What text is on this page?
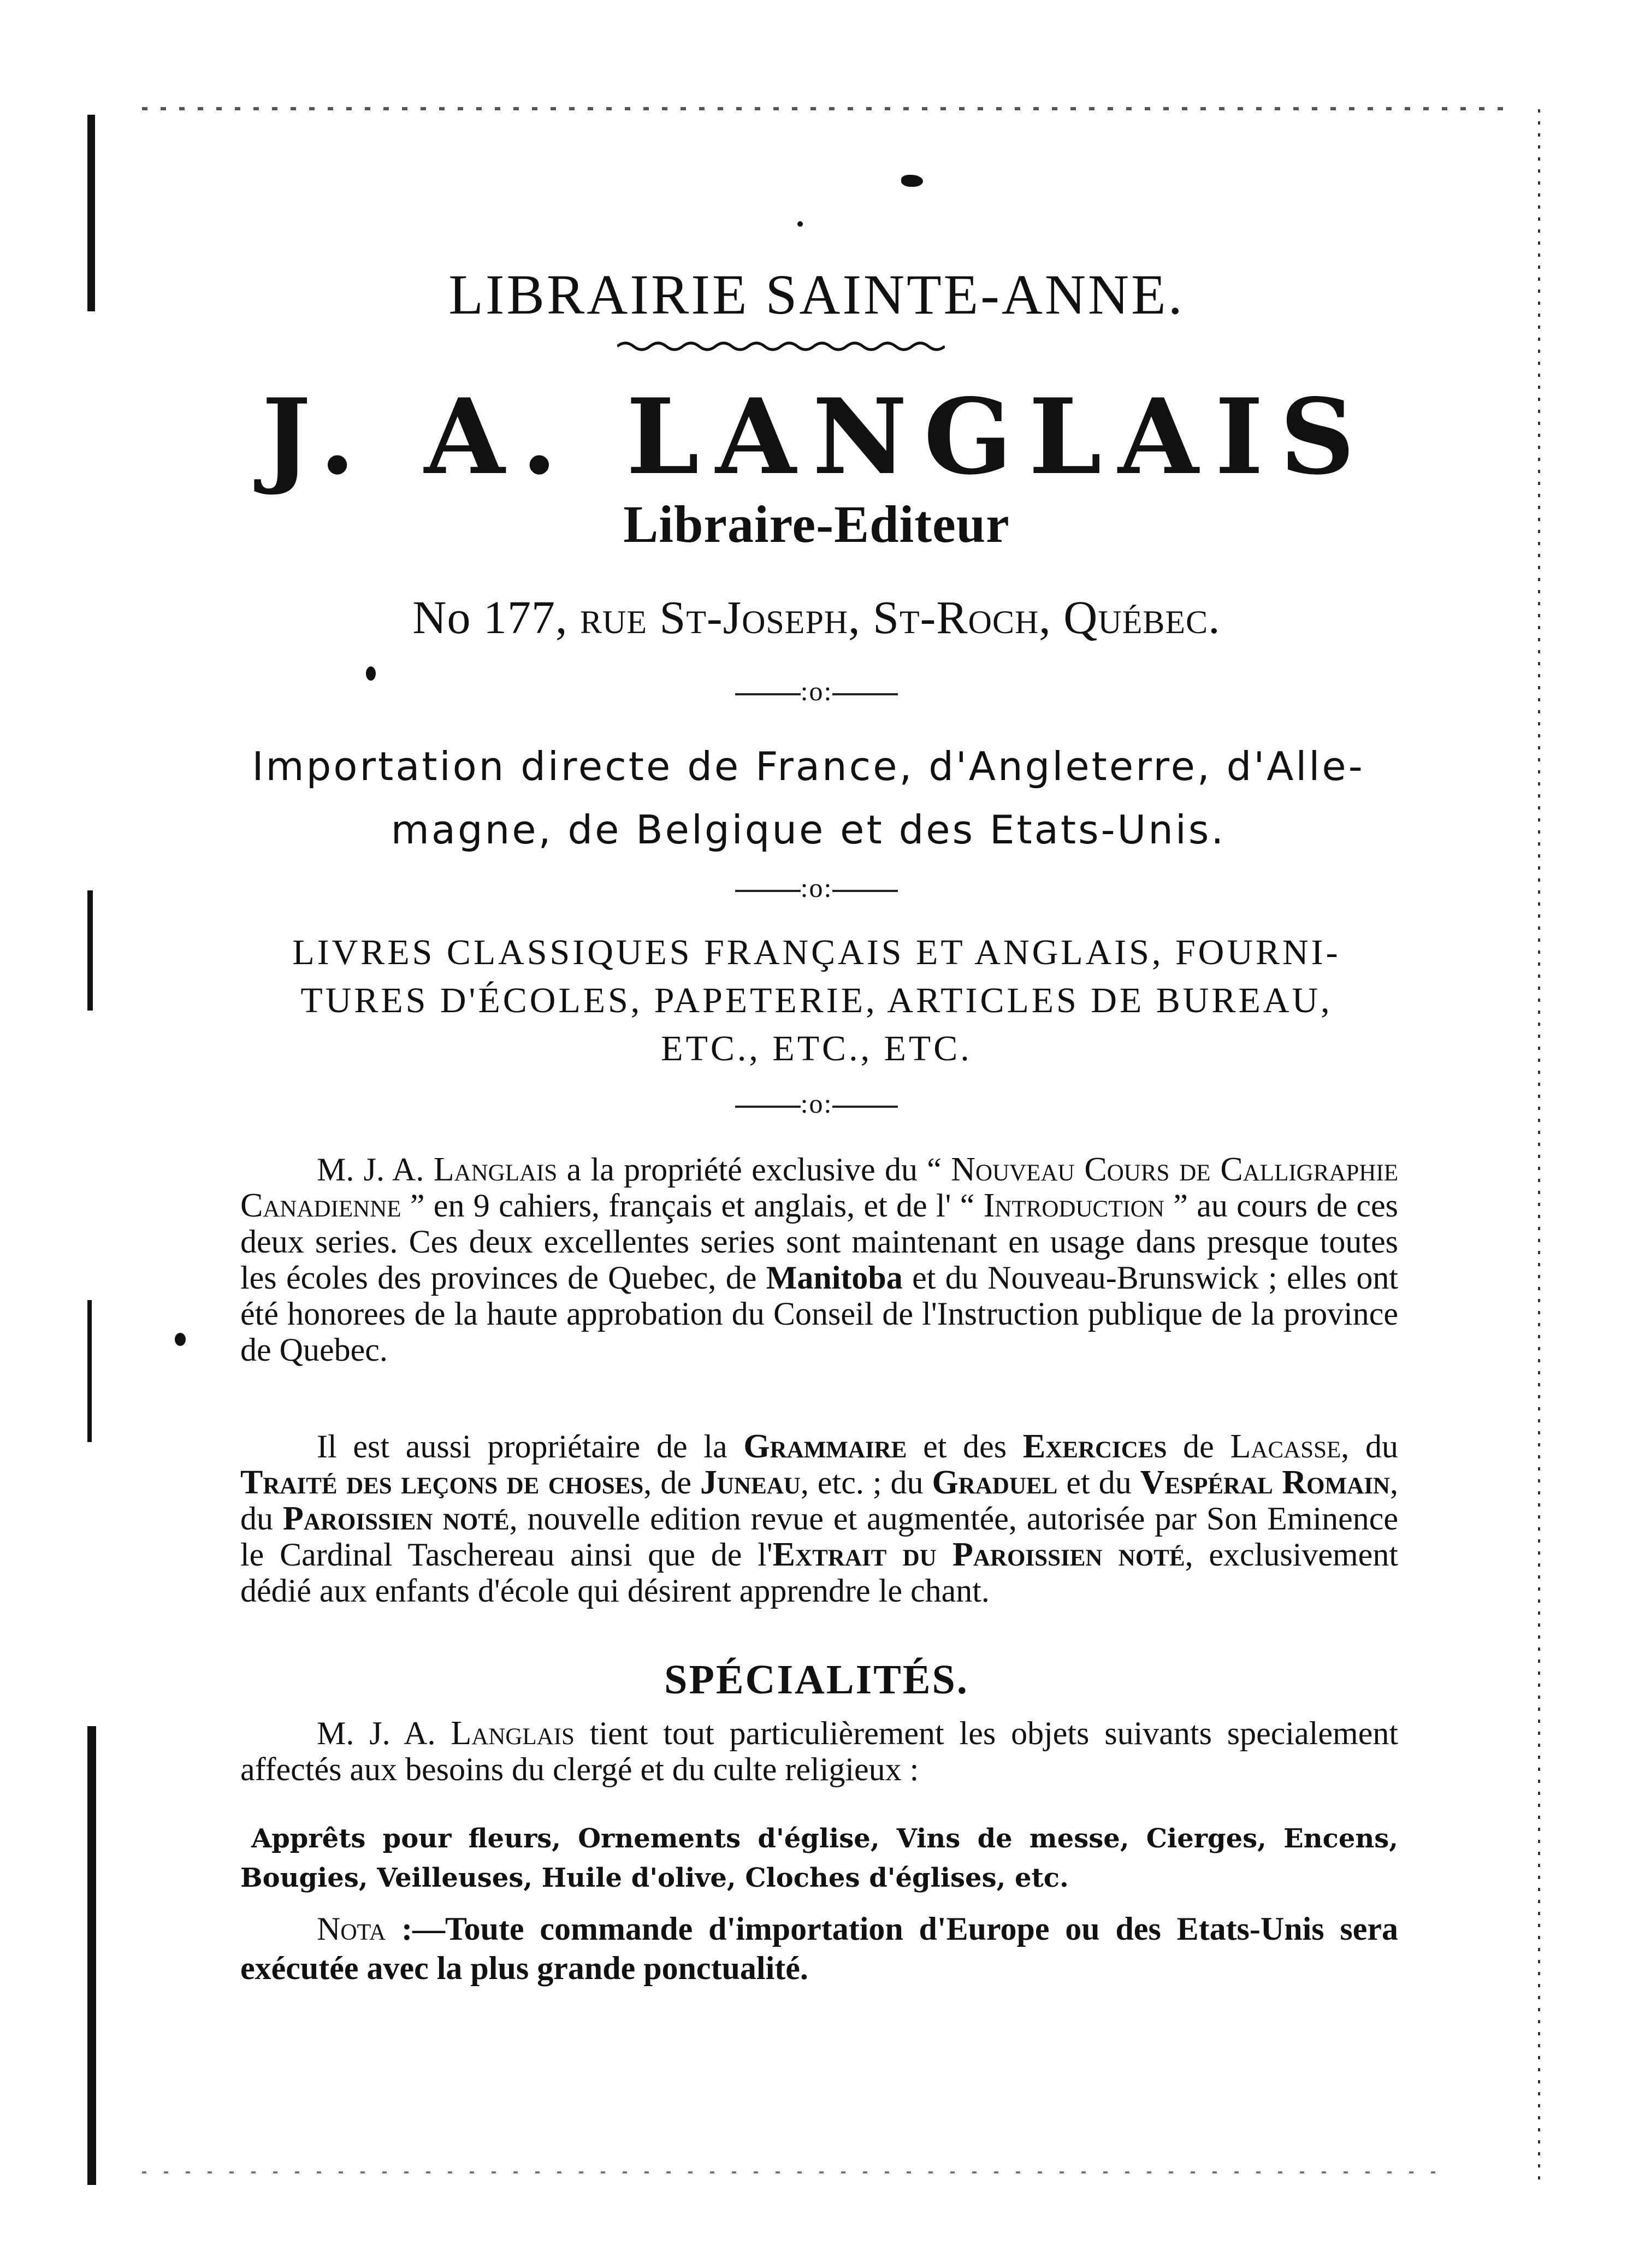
LIBRAIRIE SAINTE-ANNE.
J. A. LANGLAIS
Libraire-Editeur
No 177, rue St-Joseph, St-Roch, Québec.
:o:
Importation directe de France, d'Angleterre, d'Alle-
magne, de Belgique et des Etats-Unis.
:o:
LIVRES CLASSIQUES FRANÇAIS ET ANGLAIS, FOURNI-
TURES D'ÉCOLES, PAPETERIE, ARTICLES DE BUREAU,
ETC., ETC., ETC.
:o:

M. J. A. Langlais a la propriété exclusive du “ Nouveau Cours de Calligraphie Canadienne ” en 9 cahiers, français et anglais, et de l' “ Introduction ” au cours de ces deux series. Ces deux excellentes series sont maintenant en usage dans presque toutes les écoles des provinces de Quebec, de Manitoba et du Nouveau-Brunswick ; elles ont été honorees de la haute approbation du Conseil de l'Instruction publique de la province de Quebec.

Il est aussi propriétaire de la Grammaire et des Exercices de Lacasse, du Traité des leçons de choses, de Juneau, etc. ; du Graduel et du Vespéral Romain, du Paroissien noté, nouvelle edition revue et augmentée, autorisée par Son Eminence le Cardinal Taschereau ainsi que de l'Extrait du Paroissien noté, exclusivement dédié aux enfants d'école qui désirent apprendre le chant.

SPÉCIALITÉS.

M. J. A. Langlais tient tout particulièrement les objets suivants specialement affectés aux besoins du clergé et du culte religieux :

Apprêts pour fleurs, Ornements d'église, Vins de messe, Cierges, Encens, Bougies, Veilleuses, Huile d'olive, Cloches d'églises, etc.

Nota :—Toute commande d'importation d'Europe ou des Etats-Unis sera exécutée avec la plus grande ponctualité.
